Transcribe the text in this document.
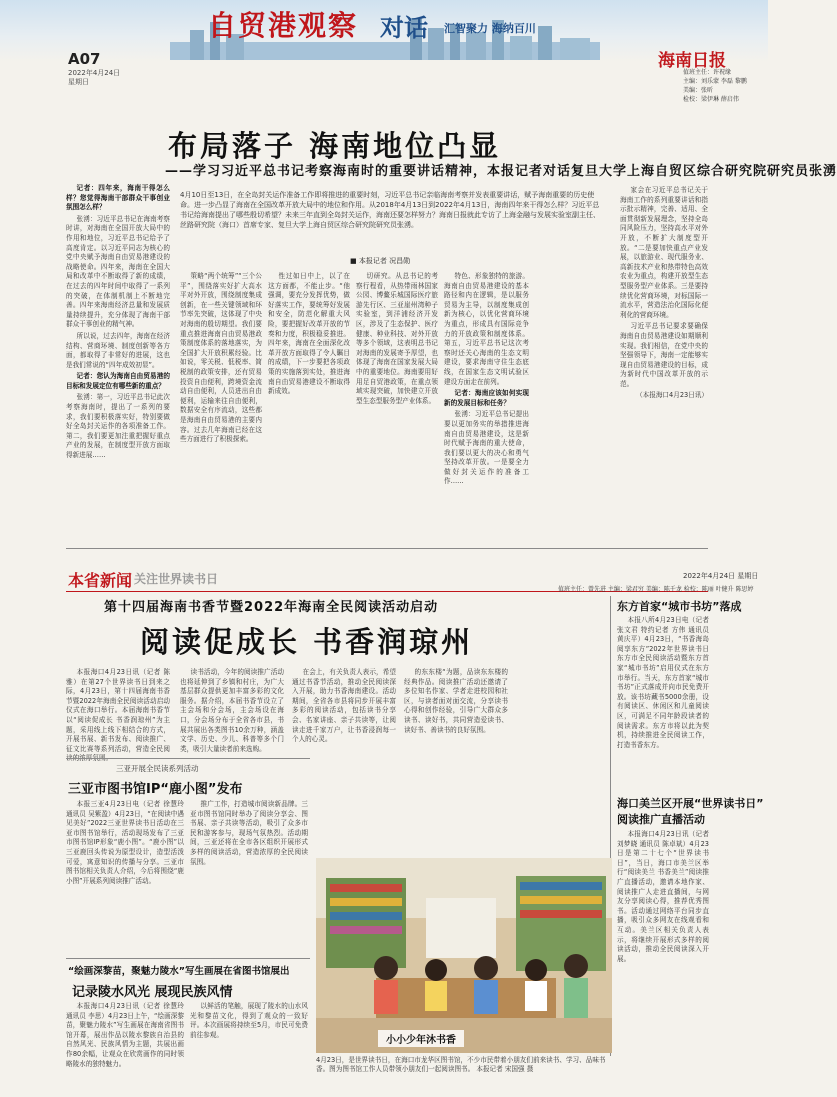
自贸港观察 对话 汇智聚力 海纳百川
A07
2022年4月24日
星期日
海南日报
值班主任：许祝缘
主编：刘乐蒙 李磊 黎鹏
美编：张昕
检校：梁伊琳 薛启伟
布局落子 海南地位凸显
——学习习近平总书记考察海南时的重要讲话精神，本报记者对话复旦大学上海自贸区综合研究院研究员张湧
4月10日至13日，在全岛封关运作准备工作即将推进的重要时刻，习近平总书记亲临海南考察并发表重要讲话，赋予海南重要的历史使命。进一步凸显了海南在全国改革开放大局中的地位和作用。从2018年4月13日到2022年4月13日，海南四年来干得怎么样？习近平总书记给海南提出了哪些殷切希望？未来三年直到全岛封关运作，海南还要怎样努力？海南日报就此专访了上海金融与发展实验室副主任、丝路研究院（海口）首席专家、复旦大学上海自贸区综合研究院研究员张湧。
■ 本报记者 况昌勋

记者：四年来，海南干得怎么样？您觉得海南干部群众干事创业氛围怎么样？

张湧：习近平总书记在海南考察时讲，对海南在全国开放大局中的作用和地位，习近平总书记给予了高度肯定。以习近平同志为核心的党中央赋予海南自由贸易港建设的战略使命。四年来，海南在全国大局和改革中不断取得了新的成绩，在过去的四年时间中取得了一系列的突破，在体制机制上不断地完善。四年来海南经济总量和发展质量持续提升，充分体现了海南干部群众干事创业的精气神。

所以说，过去四年，海南在经济结构、营商环境、制度创新等各方面，都取得了非常好的进展，这也是我们常说的“四年成效初显”。

记者：您认为海南自由贸易港的目标和发展定位有哪些新的重点？

张湧：第一，习近平总书记此次考察海南时，提出了一系列的要求，我们要积极落实好，特别要做好全岛封关运作的各项准备工作。第二，我们要更加注重把握好重点产业的发展，在制度型开放方面取得新进展……

策略“两个统筹”“三个公平”，围绕落实好扩大高水平对外开放，围绕制度集成创新，在一些关键领域和环节率先突破，这体现了中央对海南的殷切期望。我们要重点推进海南自由贸易港政策制度体系的落地落实，为全国扩大开放积累经验。比如说，零关税、低税率、简税制的政策安排，还有贸易投资自由便利，跨境资金流动自由便利，人员进出自由便利，运输来往自由便利，数据安全有序流动，这些都是海南自由贸易港的主要内容。过去几年海南已经在这些方面进行了积极探索。

性过如日中上，以了在这方面都，不能止步。“他强调，要充分发挥优势，做好落实工作，要统筹好发展和安全，防范化解重大风险，要把握好改革开放的节奏和力度，积极稳妥推进。四年来，海南在全面深化改革开放方面取得了令人瞩目的成绩，下一步要把各项政策的实施落到实处，推进海南自由贸易港建设不断取得新成效。

切研究。从总书记的考察行程看，从热带雨林国家公园、博鳌乐城国际医疗旅游先行区、三亚崖州湾种子实验室，到洋浦经济开发区，涉及了生态保护、医疗健康、种业科技、对外开放等多个领域，这表明总书记对海南的发展寄予厚望，也体现了海南在国家发展大局中的重要地位。海南要用好用足自贸港政策，在重点领域实现突破，加快建立开放型生态型服务型产业体系。

特色、形象独特的旅游。海南自由贸易港建设的基本路径和内在逻辑，是以服务贸易为主导，以制度集成创新为核心，以优化营商环境为重点，形成具有国际竞争力的开放政策和制度体系。第五，习近平总书记这次考察时还关心海南的生态文明建设，要求海南守住生态底线，在国家生态文明试验区建设方面走在前列。

记者：海南应该如何实现新的发展目标和任务？

张湧：习近平总书记提出要以更加务实的举措推进海南自由贸易港建设，这是新时代赋予海南的重大使命，我们要以更大的决心和勇气坚持改革开放。一是要全力做好封关运作的准备工作……

家会在习近平总书记关于海南工作的系列重要讲话和指示批示精神，完善、适用、全面贯彻新发展理念，坚持全岛同风险压力，坚持高水平对外开放，不断扩大制度型开放。“二是要加快重点产业发展，以旅游业、现代服务业、高新技术产业和热带特色高效农业为重点，构建开放型生态型服务型产业体系。三是要持续优化营商环境，对标国际一流水平，营造法治化国际化便利化的营商环境。

习近平总书记要求要确保海南自由贸易港建设如期顺利实现。我们相信，在党中央的坚强领导下，海南一定能够实现自由贸易港建设的目标，成为新时代中国改革开放的示范。

（本报海口4月23日讯）

本省新闻 关注世界读书日	2022年4月24日 星期日
值班主任：曾先进 主编：梁君穷 美编：陈千龙 检校：陈丽 叶健升 陈思婷
第十四届海南书香节暨2022年海南全民阅读活动启动
阅读促成长 书香润琼州

本报海口4月23日讯（记者 陈雅）在第27个世界读书日到来之际，4月23日，第十四届海南书香节暨2022年海南全民阅读活动启动仪式在海口举行。本届海南书香节以“阅读促成长 书香润琼州”为主题，采用线上线下相结合的方式，开展书展、新书发布、阅读推广、征文比赛等系列活动，营造全民阅

读书活动，今年的阅读推广活动也将延伸到了乡镇和村庄，为广大基层群众提供更加丰富多彩的文化服务。据介绍，本届书香节设立了主会场和分会场，主会场设在海口，分会场分布于全省各市县，书展共展出各类图书10余万种，涵盖文学、历史、少儿、科普等多个门类，吸引大量读者前来选购。

在会上，有关负责人表示，希望通过书香节活动，推动全民阅读深入开展，助力书香海南建设。活动期间，全省各市县将同步开展丰富多彩的阅读活动，包括读书分享会、名家讲座、亲子共读等，让阅读走进千家万户，让书香浸润每一个人的心灵。

的东东楼“为题，品读东东楼的经典作品。阅读推广活动还邀请了多位知名作家、学者走进校园和社区，与读者面对面交流，分享读书心得和创作经验，引导广大群众多读书、读好书，共同营造爱读书、读好书、善读书的良好氛围。

东方首家“城市书坊”落成

本报八所4月23日电（记者 张文君 特约记者 方伟 通讯员 黄庆平）4月23日，“书香海岛 阅享东方”2022年世界读书日东方市全民阅读活动暨东方首家“城市书坊”启用仪式在东方市举行。当天，东方首家“城市书坊”正式落成并向市民免费开放。该书坊藏书5000余册，设有阅读区、休闲区和儿童阅读区，可满足不同年龄段读者的阅读需求。东方市将以此为契机，持续推进全民阅读工作，打造书香东方。

海口美兰区开展“世界读书日”
阅读推广直播活动

本报海口4月23日讯（记者 刘梦晓 通讯员 陈卓斌）4月23日是第二十七个“世界读书日”，当日，海口市美兰区举行“阅读美兰 书香美兰”阅读推广直播活动，邀请本地作家、阅读推广人走进直播间，与网友分享阅读心得，推荐优秀图书。活动通过网络平台同步直播，吸引众多网友在线观看和互动。美兰区相关负责人表示，将继续开展形式多样的阅读活动，推动全民阅读深入开展。

三亚开展全民读系列活动
三亚市图书馆IP“鹿小图”发布

本报三亚4月23日电（记者 徐慧玲 通讯员 吴紫盈）4月23日，“在阅读中遇见美好”2022三亚世界读书日活动在三亚市图书馆举行，活动现场发布了三亚市图书馆IP形象“鹿小图”。“鹿小图”以三亚鹿回头传说为原型设计，造型活泼可爱，寓意知识的传播与分享。三亚市图书馆相关负责人介绍，今后将围绕“鹿小图”开展系列阅读推广活动。

推广工作，打造城市阅读新品牌。三亚市图书馆同时举办了阅读分享会、图书展、亲子共读等活动，吸引了众多市民和游客参与，现场气氛热烈。活动期间，三亚还将在全市各区组织开展形式多样的阅读活动，营造浓厚的全民阅读氛围。

“绘画深黎苗，聚魅力陵水”写生画展在省图书馆展出
记录陵水风光 展现民族风情

本报海口4月23日讯（记者 徐慧玲 通讯员 李思）4月23日上午，“绘画深黎苗，聚魅力陵水”写生画展在海南省图书馆开幕，展出作品以陵水黎族自治县的自然风光、民族风情为主题，共展出画作80余幅，让观众在欣赏画作的同时领略陵水的独特魅力。

以鲜活的笔触，展现了陵水的山水风光和黎苗文化，得到了观众的一致好评。本次画展将持续至5月，市民可免费前往参观。

小小少年沐书香
4月23日，是世界读书日，在海口市龙华区图书馆，不少市民带着小朋友们前来读书、学习、品味书香。图为图书馆工作人员带领小朋友们一起阅读图书。 本报记者 宋国强 摄
